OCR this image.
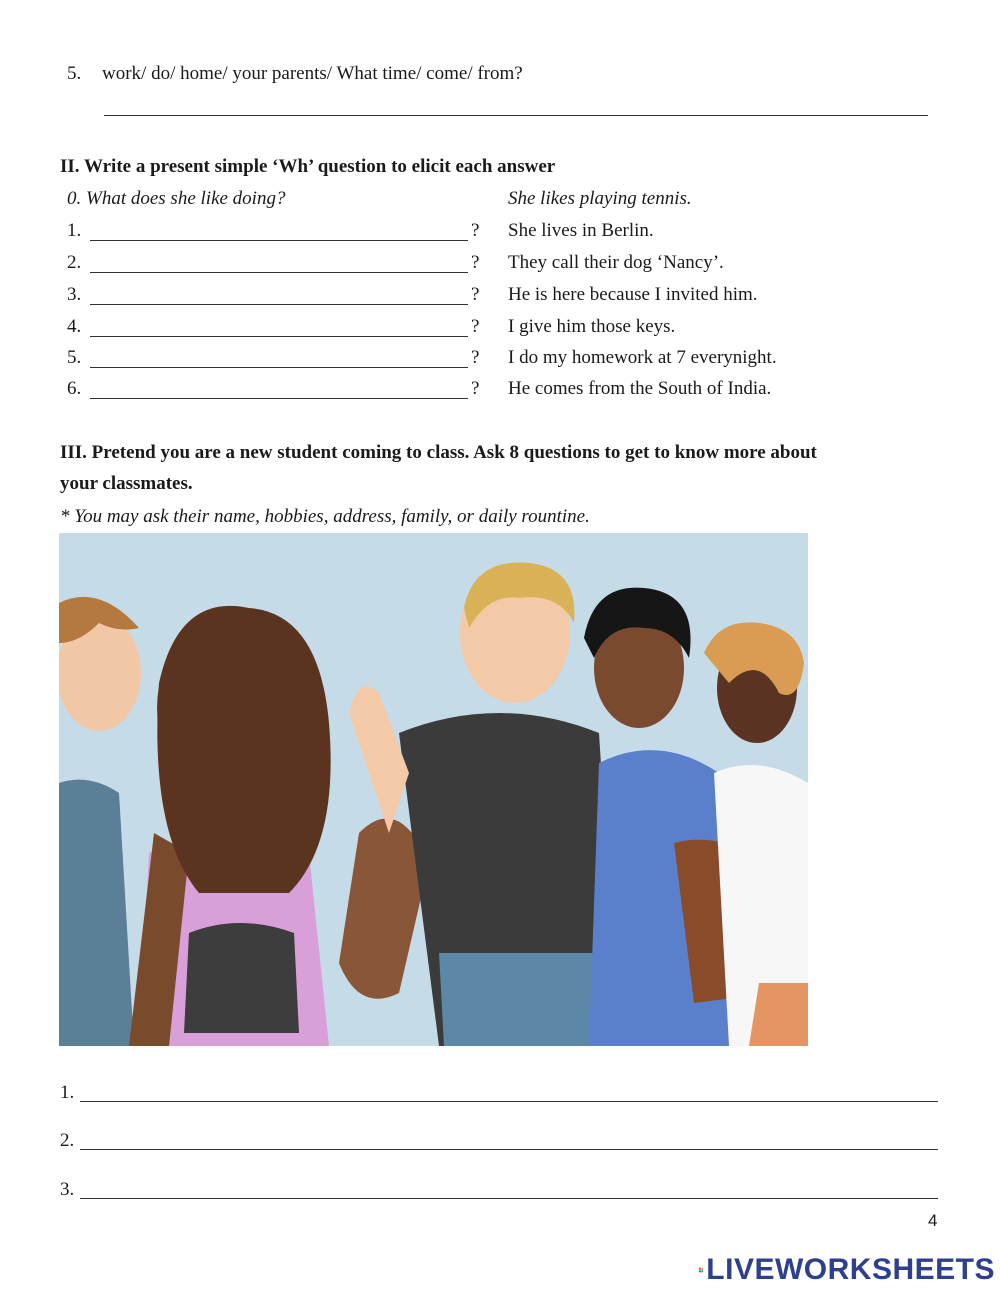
5. work/ do/ home/ your parents/ What time/ come/ from?
II. Write a present simple ‘Wh’ question to elicit each answer
0. What does she like doing?	She likes playing tennis.
1.	? She lives in Berlin.
2.	? They call their dog ‘Nancy’.
3.	? He is here because I invited him.
4.	? I give him those keys.
5.	? I do my homework at 7 everynight.
6.	? He comes from the South of India.
III. Pretend you are a new student coming to class. Ask 8 questions to get to know more about
your classmates.
* You may ask their name, hobbies, address, family, or daily rountine.
1.
2.
3.
4
LIVEWORKSHEETS
